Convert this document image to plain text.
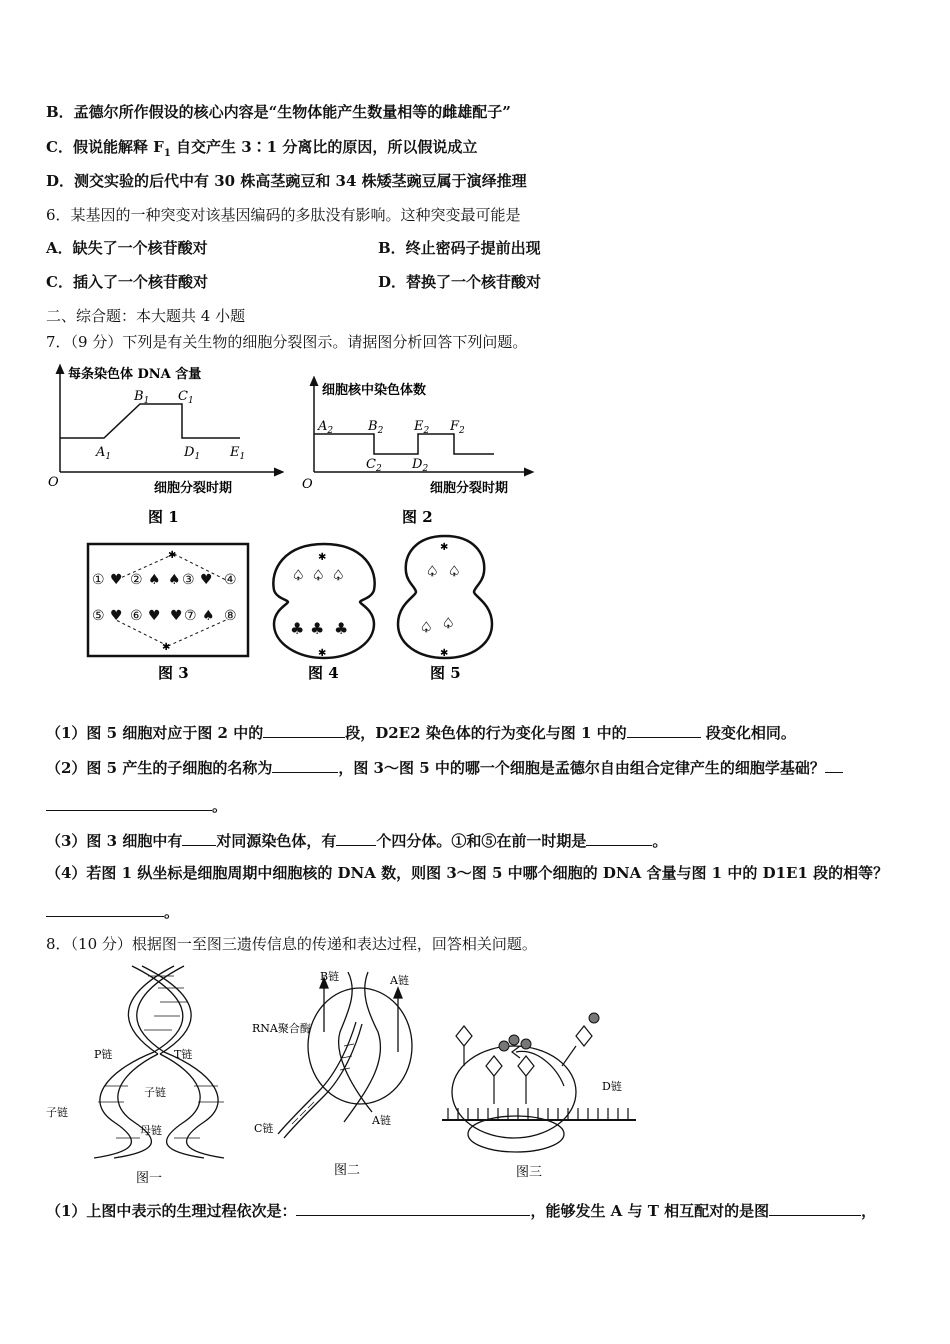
B．孟德尔所作假设的核心内容是“生物体能产生数量相等的雌雄配子”
C．假说能解释 $F_1$ 自交产生 3∶1 分离比的原因，所以假说成立
D．测交实验的后代中有 30 株高茎豌豆和 34 株矮茎豌豆属于演绎推理
6．某基因的一种突变对该基因编码的多肽没有影响。这种突变最可能是
A．缺失了一个核苷酸对	B．终止密码子提前出现
C．插入了一个核苷酸对	D．替换了一个核苷酸对
二、综合题：本大题共 4 小题
7．（9 分）下列是有关生物的细胞分裂图示。请据图分析回答下列问题。
每条染色体 DNA 含量
细胞分裂时期
O
$A_1$
$B_1$ $C_1$
$D_1$ $E_1$
图 1
细胞核中染色体数
细胞分裂时期
O
$A_2$	$B_2$
$C_2$ $D_2$
$E_2$ $F_2$
图 2
✱
✱
① ♥ ② ♠ ♠ ③ ♥ ④
⑤ ♥ ⑥ ♥ ♥ ⑦ ♠ ⑧
图 3
✱
✱
♠ ♠ ♠
♣ ♣ ♣
图 4
✱
✱
♠ ♠
♠ ♠
图 5
（1）图 5 细胞对应于图 2 中的	段，D2E2 染色体的行为变化与图 1 中的	段变化相同。
（2）图 5 产生的子细胞的名称为	，图 3～图 5 中的哪一个细胞是孟德尔自由组合定律产生的细胞学基础？
。
（3）图 3 细胞中有 对同源染色体，有	个四分体。①和⑤在前一时期是	。
（4）若图 1 纵坐标是细胞周期中细胞核的 DNA 数，则图 3～图 5 中哪个细胞的 DNA 含量与图 1 中的 D1E1 段的相等？
。
8．（10 分）根据图一至图三遗传信息的传递和表达过程，回答相关问题。
P链	T链
子链
子链
母链
图一
B链	A链
RNA聚合酶
C链
A链
图二
D链
图三
（1）上图中表示的生理过程依次是：	，能够发生 A 与 T 相互配对的是图	，
